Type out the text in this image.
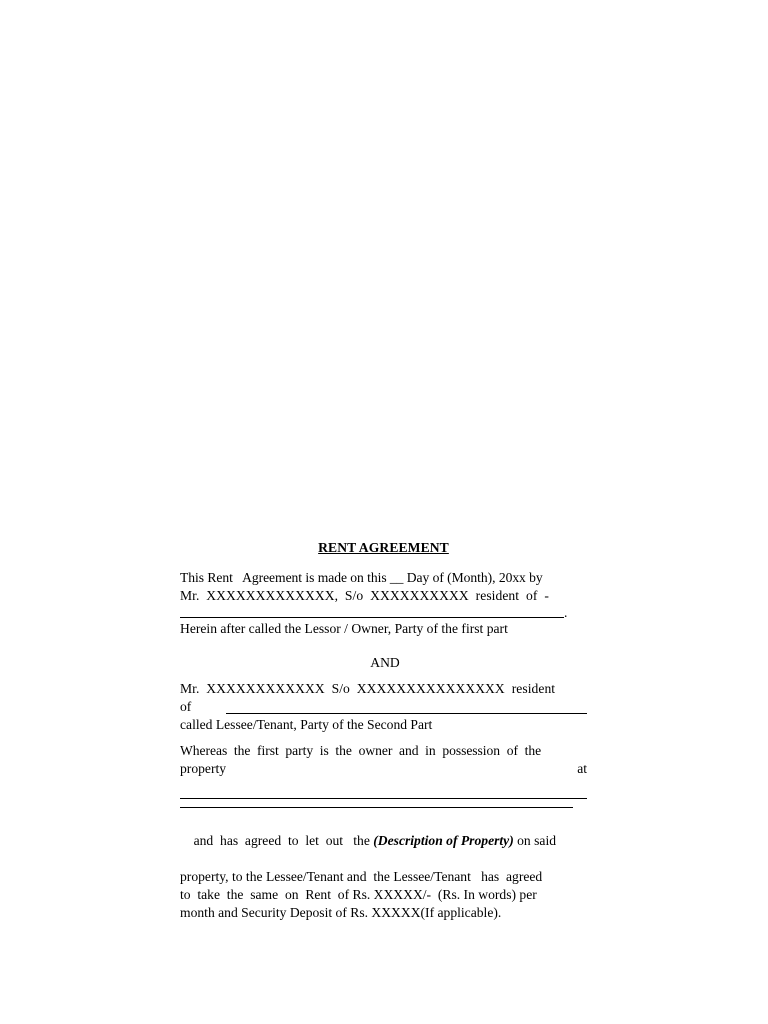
RENT AGREEMENT
This Rent   Agreement is made on this __ Day of (Month), 20xx by
Mr.  XXXXXXXXXXXXX,  S/o  XXXXXXXXXX  resident  of  -
.
Herein after called the Lessor / Owner, Party of the first part
AND
Mr.  XXXXXXXXXXXX  S/o  XXXXXXXXXXXXXXX  resident
of
called Lessee/Tenant, Party of the Second Part
Whereas  the  first  party  is  the  owner  and  in  possession  of  the
property	at

and  has  agreed  to  let  out   the (Description of Property) on said

property, to the Lessee/Tenant and  the Lessee/Tenant   has  agreed
to  take  the  same  on  Rent  of Rs. XXXXX/-  (Rs. In words) per
month and Security Deposit of Rs. XXXXX(If applicable).
